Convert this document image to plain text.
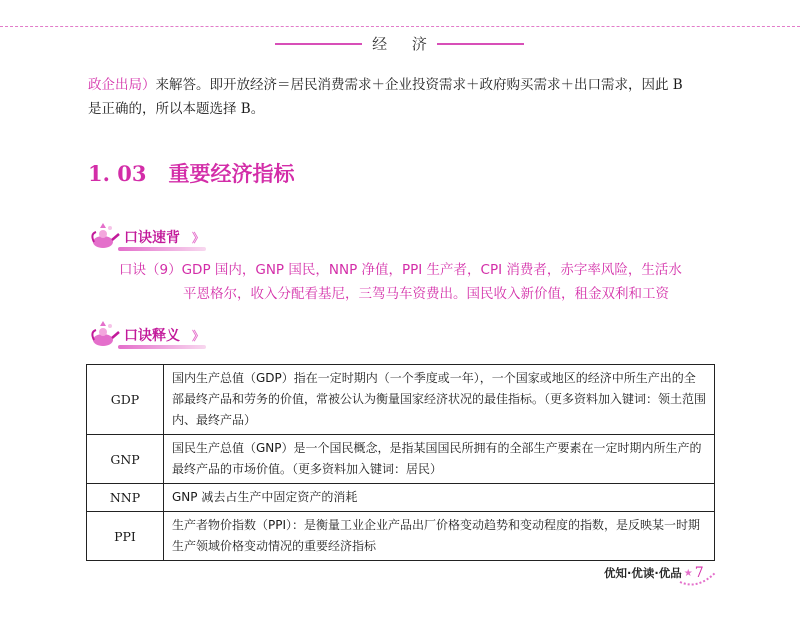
经 济
政企出局）来解答。即开放经济＝居民消费需求＋企业投资需求＋政府购买需求＋出口需求，因此 B
是正确的，所以本题选择 B。
1. 03 重要经济指标
》 口诀速背
口诀（9）GDP 国内，GNP 国民，NNP 净值，PPI 生产者，CPI 消费者，赤字率风险，生活水
平恩格尔，收入分配看基尼，三驾马车资费出。国民收入新价值，租金双利和工资
》 口诀释义
GDP	国内生产总值（GDP）指在一定时期内（一个季度或一年），一个国家或地区的经济中所生产出的全部最终产品和劳务的价值，常被公认为衡量国家经济状况的最佳指标。（更多资料加入键词：领土范围内、最终产品）
GNP	国民生产总值（GNP）是一个国民概念，是指某国国民所拥有的全部生产要素在一定时期内所生产的最终产品的市场价值。（更多资料加入键词：居民）
NNP	GNP 减去占生产中固定资产的消耗
PPI	生产者物价指数（PPI）：是衡量工业企业产品出厂价格变动趋势和变动程度的指数，是反映某一时期生产领域价格变动情况的重要经济指标
优知·优读·优品 ★ 7
